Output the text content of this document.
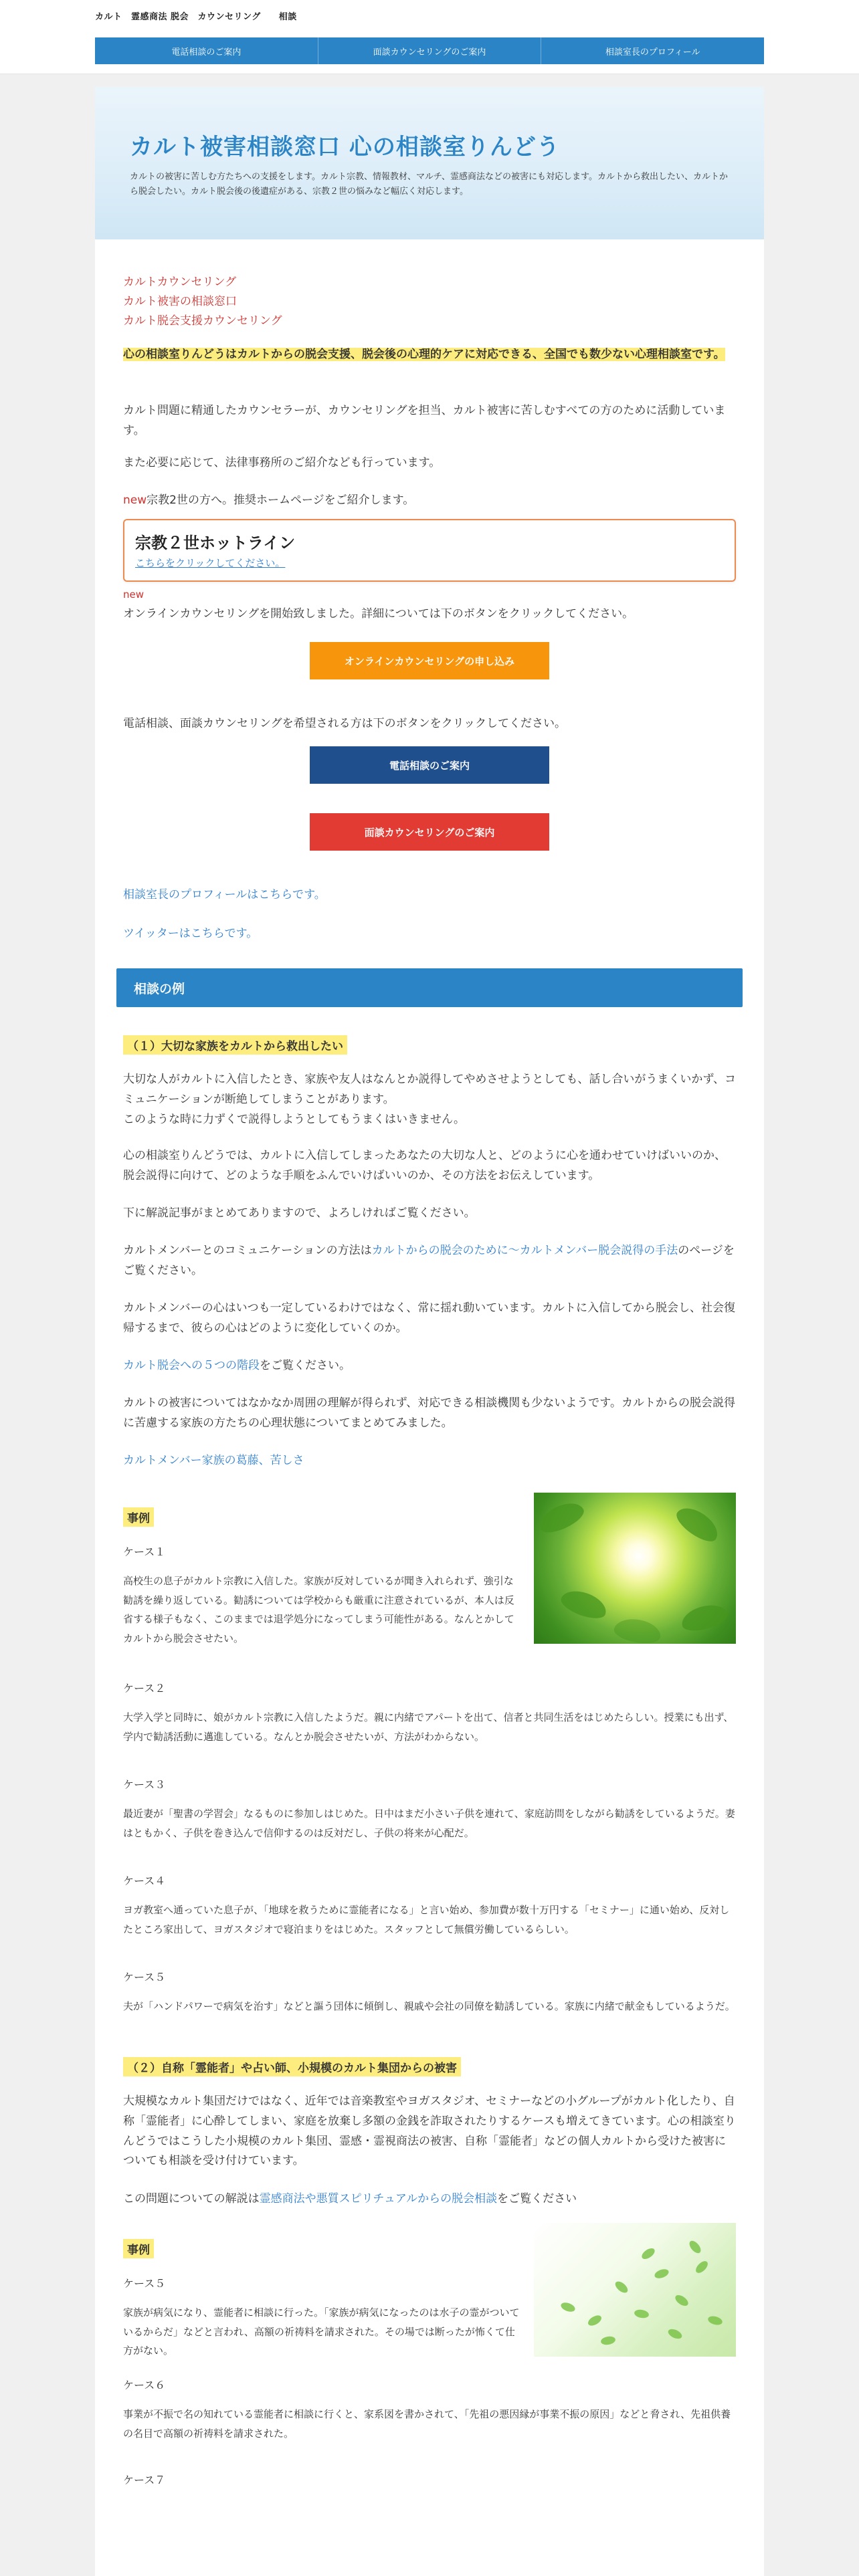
カルト　霊感商法 脱会　カウンセリング　　相談
電話相談のご案内	面談カウンセリングのご案内	相談室長のプロフィール
カルト被害相談窓口 心の相談室りんどう

カルトの被害に苦しむ方たちへの支援をします。カルト宗教、情報教材、マルチ、霊感商法などの被害にも対応します。カルトから救出したい、カルトから脱会したい。カルト脱会後の後遺症がある、宗教２世の悩みなど幅広く対応します。

カルトカウンセリング
カルト被害の相談窓口
カルト脱会支援カウンセリング
心の相談室りんどうはカルトからの脱会支援、脱会後の心理的ケアに対応できる、全国でも数少ない心理相談室です。

カルト問題に精通したカウンセラーが、カウンセリングを担当、カルト被害に苦しむすべての方のために活動しています。

また必要に応じて、法律事務所のご紹介なども行っています。

new宗教2世の方へ。推奨ホームページをご紹介します。
宗教２世ホットライン
こちらをクリックしてください。
new

オンラインカウンセリングを開始致しました。詳細については下のボタンをクリックしてください。

オンラインカウンセリングの申し込み

電話相談、面談カウンセリングを希望される方は下のボタンをクリックしてください。

電話相談のご案内
面談カウンセリングのご案内
相談室長のプロフィールはこちらです。
ツイッターはこちらです。
相談の例
（１）大切な家族をカルトから救出したい
大切な人がカルトに入信したとき、家族や友人はなんとか説得してやめさせようとしても、話し合いがうまくいかず、コミュニケーションが断絶してしまうことがあります。
このような時に力ずくで説得しようとしてもうまくはいきません。

心の相談室りんどうでは、カルトに入信してしまったあなたの大切な人と、どのように心を通わせていけばいいのか、脱会説得に向けて、どのような手順をふんでいけばいいのか、その方法をお伝えしています。

下に解説記事がまとめてありますので、よろしければご覧ください。

カルトメンバーとのコミュニケーションの方法はカルトからの脱会のために～カルトメンバー脱会説得の手法のページをご覧ください。

カルトメンバーの心はいつも一定しているわけではなく、常に揺れ動いています。カルトに入信してから脱会し、社会復帰するまで、彼らの心はどのように変化していくのか。

カルト脱会への５つの階段をご覧ください。

カルトの被害についてはなかなか周囲の理解が得られず、対応できる相談機関も少ないようです。カルトからの脱会説得に苦慮する家族の方たちの心理状態についてまとめてみました。

カルトメンバー家族の葛藤、苦しさ
事例
ケース１

高校生の息子がカルト宗教に入信した。家族が反対しているが聞き入れられず、強引な勧誘を繰り返している。勧誘については学校からも厳重に注意されているが、本人は反省する様子もなく、このままでは退学処分になってしまう可能性がある。なんとかしてカルトから脱会させたい。

ケース２

大学入学と同時に、娘がカルト宗教に入信したようだ。親に内緒でアパートを出て、信者と共同生活をはじめたらしい。授業にも出ず、学内で勧誘活動に邁進している。なんとか脱会させたいが、方法がわからない。

ケース３

最近妻が「聖書の学習会」なるものに参加しはじめた。日中はまだ小さい子供を連れて、家庭訪問をしながら勧誘をしているようだ。妻はともかく、子供を巻き込んで信仰するのは反対だし、子供の将来が心配だ。

ケース４

ヨガ教室へ通っていた息子が、「地球を救うために霊能者になる」と言い始め、参加費が数十万円する「セミナー」に通い始め、反対したところ家出して、ヨガスタジオで寝泊まりをはじめた。スタッフとして無償労働しているらしい。

ケース５

夫が「ハンドパワーで病気を治す」などと謳う団体に傾倒し、親戚や会社の同僚を勧誘している。家族に内緒で献金もしているようだ。

（２）自称「霊能者」や占い師、小規模のカルト集団からの被害

大規模なカルト集団だけではなく、近年では音楽教室やヨガスタジオ、セミナーなどの小グループがカルト化したり、自称「霊能者」に心酔してしまい、家庭を放棄し多額の金銭を詐取されたりするケースも増えてきています。心の相談室りんどうではこうした小規模のカルト集団、霊感・霊視商法の被害、自称「霊能者」などの個人カルトから受けた被害についても相談を受け付けています。

この問題についての解説は霊感商法や悪質スピリチュアルからの脱会相談をご覧ください
事例
ケース５

家族が病気になり、霊能者に相談に行った。「家族が病気になったのは水子の霊がついているからだ」などと言われ、高額の祈祷料を請求された。その場では断ったが怖くて仕方がない。

ケース６

事業が不振で名の知れている霊能者に相談に行くと、家系図を書かされて、「先祖の悪因縁が事業不振の原因」などと脅され、先祖供養の名目で高額の祈祷料を請求された。

ケース７
